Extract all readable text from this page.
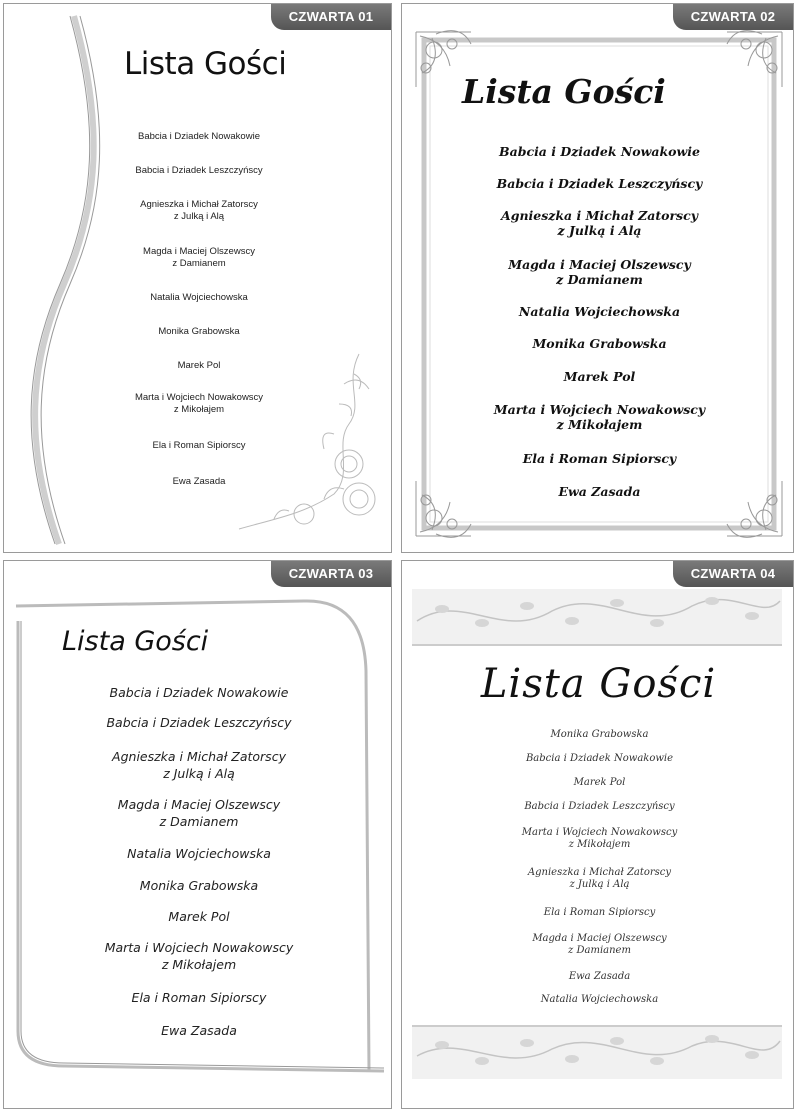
CZWARTA 01
Lista Gości
Babcia i Dziadek Nowakowie
Babcia i Dziadek Leszczyńscy
Agnieszka i Michał Zatorscy
z Julką i Alą
Magda i Maciej Olszewscy
z Damianem
Natalia Wojciechowska
Monika Grabowska
Marek Pol
Marta i Wojciech Nowakowscy
z Mikołajem
Ela i Roman Sipiorscy
Ewa Zasada
CZWARTA 02
Lista Gości
Babcia i Dziadek Nowakowie
Babcia i Dziadek Leszczyńscy
Agnieszka i Michał Zatorscy
z Julką i Alą
Magda i Maciej Olszewscy
z Damianem
Natalia Wojciechowska
Monika Grabowska
Marek Pol
Marta i Wojciech Nowakowscy
z Mikołajem
Ela i Roman Sipiorscy
Ewa Zasada
CZWARTA 03
Lista Gości
Babcia i Dziadek Nowakowie
Babcia i Dziadek Leszczyńscy
Agnieszka i Michał Zatorscy
z Julką i Alą
Magda i Maciej Olszewscy
z Damianem
Natalia Wojciechowska
Monika Grabowska
Marek Pol
Marta i Wojciech Nowakowscy
z Mikołajem
Ela i Roman Sipiorscy
Ewa Zasada
CZWARTA 04
Lista Gości
Monika Grabowska
Babcia i Dziadek Nowakowie
Marek Pol
Babcia i Dziadek Leszczyńscy
Marta i Wojciech Nowakowscy
z Mikołajem
Agnieszka i Michał Zatorscy
z Julką i Alą
Ela i Roman Sipiorscy
Magda i Maciej Olszewscy
z Damianem
Ewa Zasada
Natalia Wojciechowska
